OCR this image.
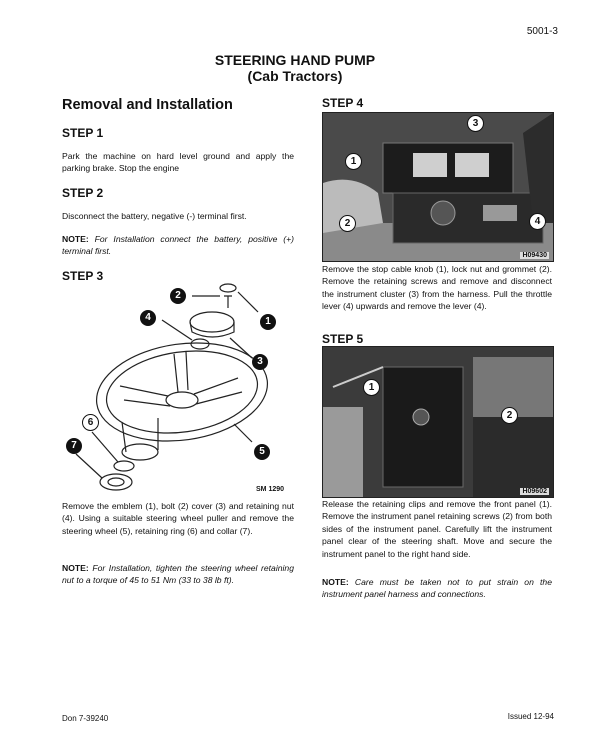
5001-3
STEERING HAND PUMP
(Cab Tractors)
Removal and Installation
STEP 1
Park the machine on hard level ground and apply the parking brake. Stop the engine
STEP 2
Disconnect the battery, negative (-) terminal first.
NOTE: For Installation connect the battery, positive (+) terminal first.
STEP 3
2
1
4
3
6
7
5
SM 1290
Remove the emblem (1), bolt (2) cover (3) and retaining nut (4). Using a suitable steering wheel puller and remove the steering wheel (5), retaining ring (6) and collar (7).
NOTE: For Installation, tighten the steering wheel retaining nut to a torque of 45 to 51 Nm (33 to 38 lb ft).
STEP 4
3
1
2	4
H09430
Remove the stop cable knob (1), lock nut and grommet (2). Remove the retaining screws and remove and disconnect the instrument cluster (3) from the harness. Pull the throttle lever (4) upwards and remove the lever (4).
STEP 5
1
2
H09602
Release the retaining clips and remove the front panel (1). Remove the instrument panel retaining screws (2) from both sides of the instrument panel. Carefully lift the instrument panel clear of the steering shaft. Move and secure the instrument panel to the right hand side.
NOTE: Care must be taken not to put strain on the instrument panel harness and connections.
Don 7-39240	Issued 12-94
